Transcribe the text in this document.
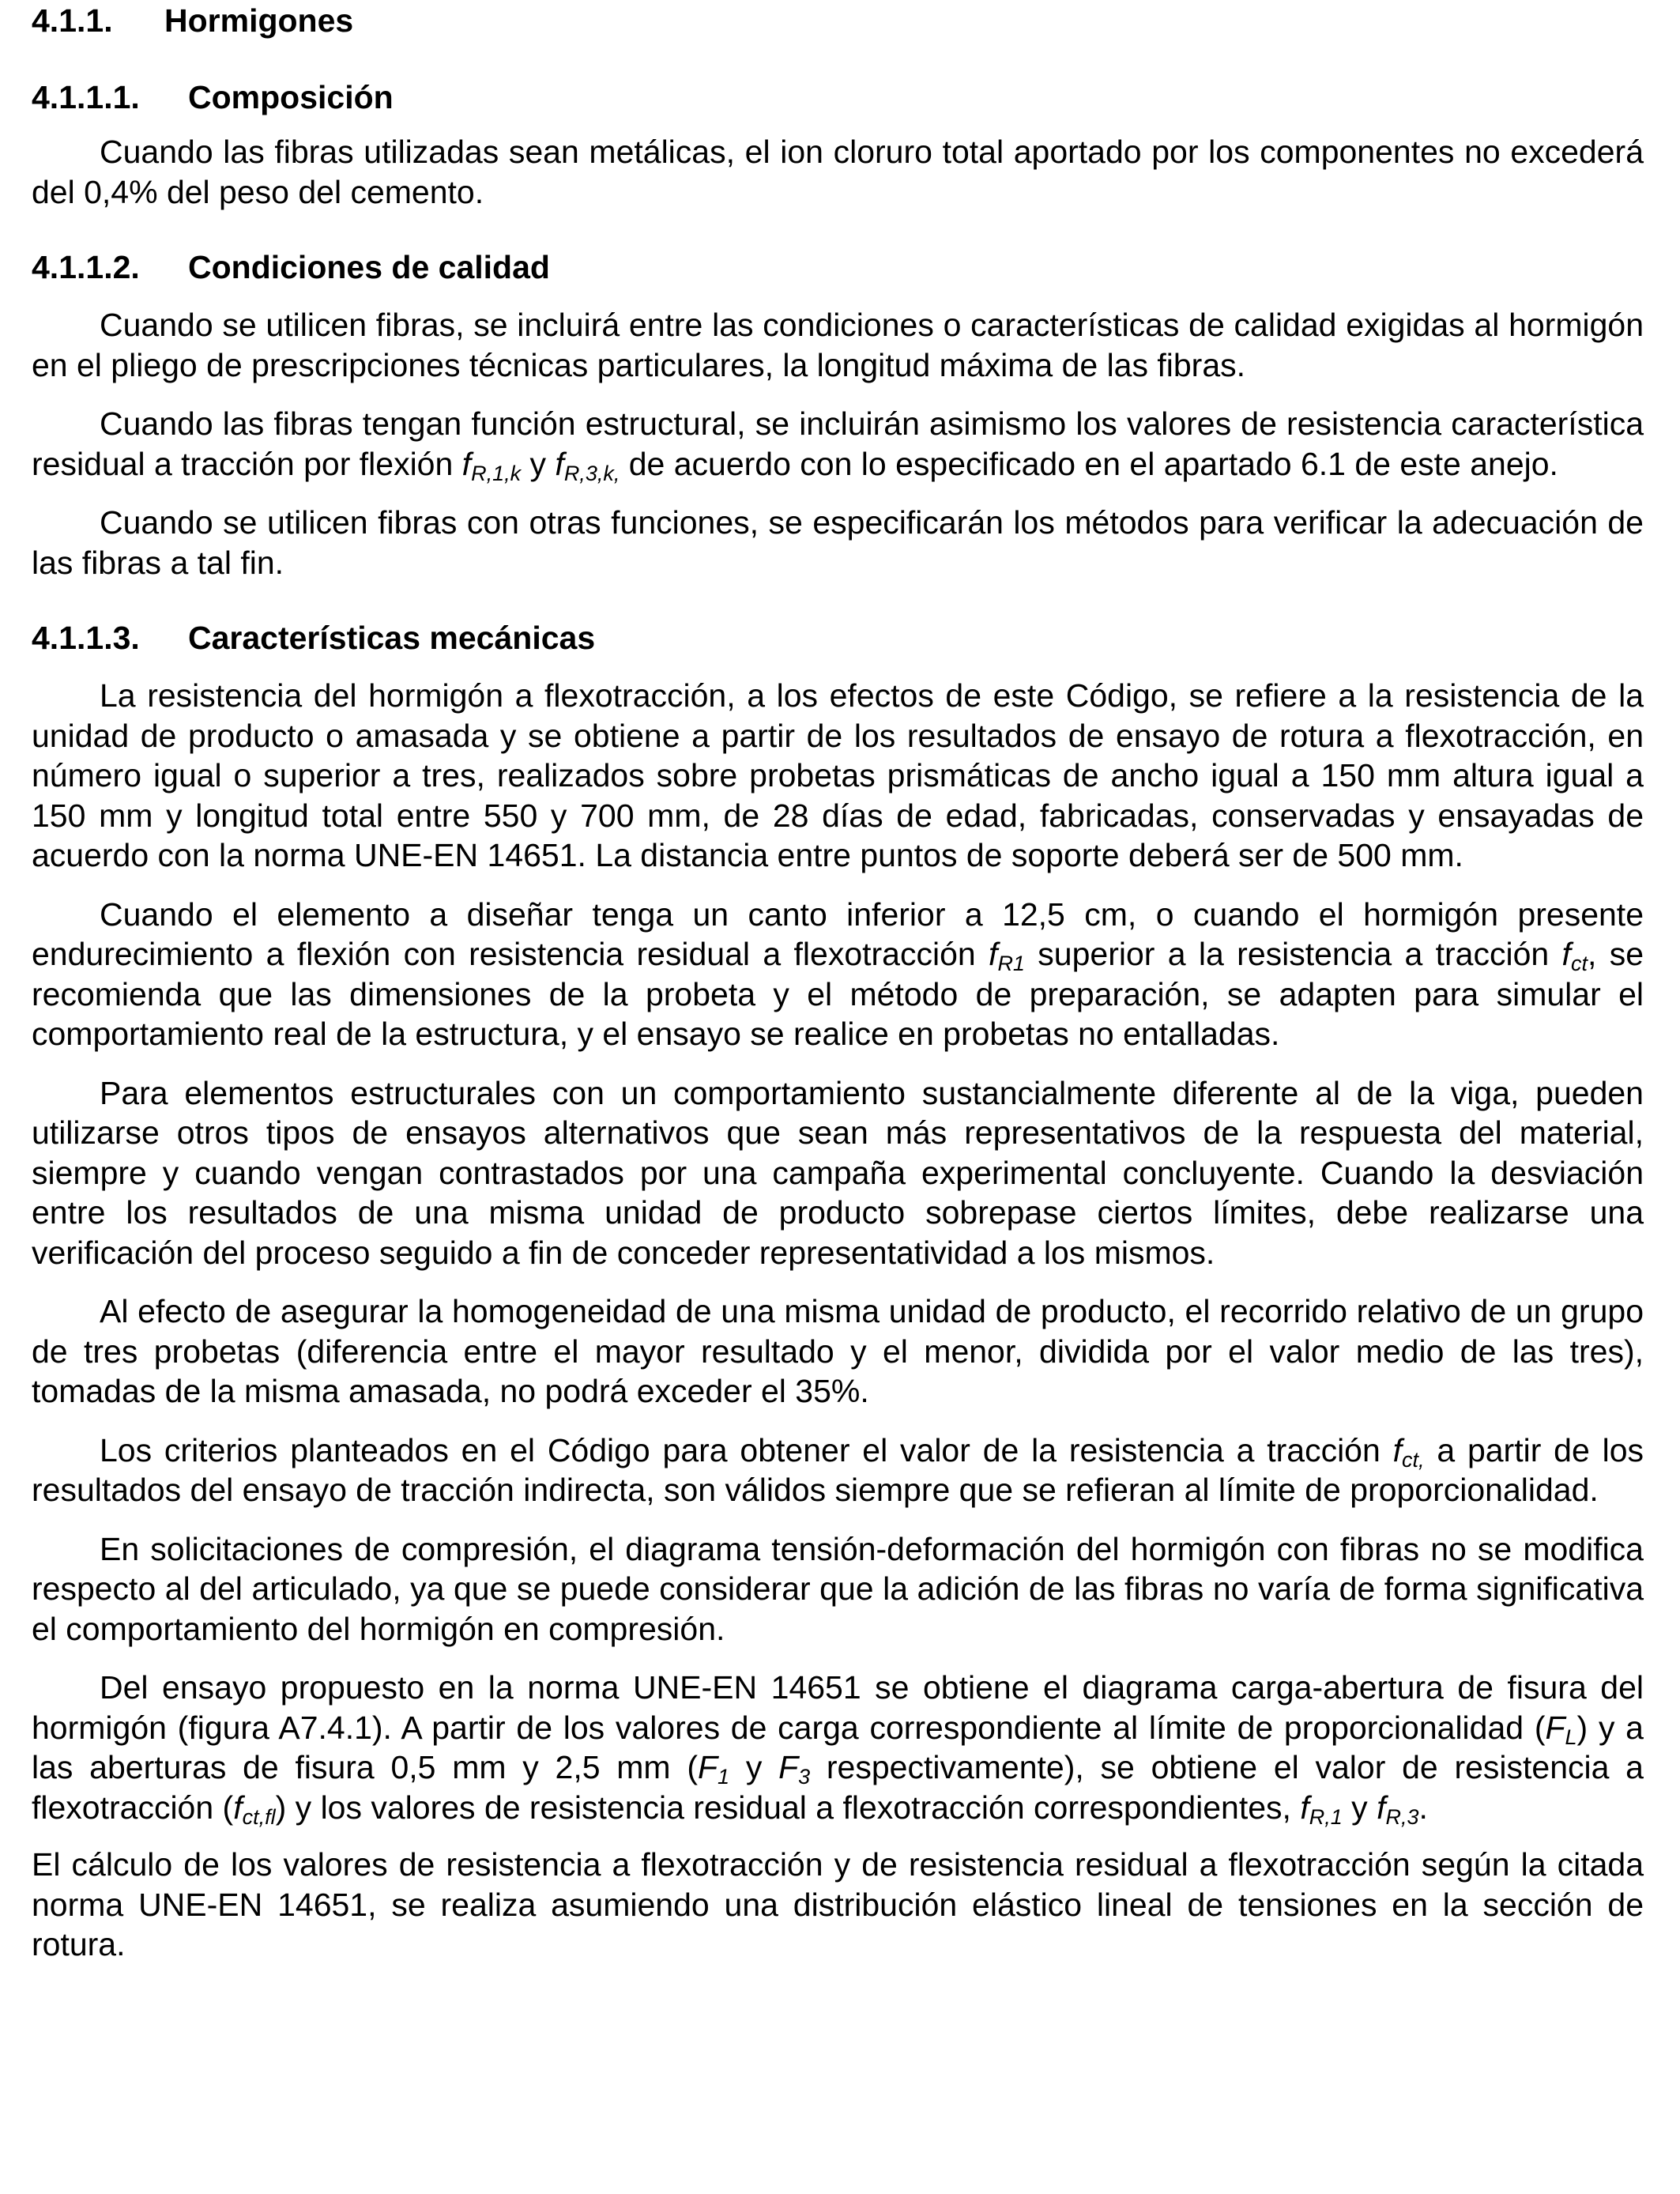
4.1.1. Hormigones
4.1.1.1. Composición

Cuando las fibras utilizadas sean metálicas, el ion cloruro total aportado por los componentes no excederá del 0,4% del peso del cemento.

4.1.1.2. Condiciones de calidad

Cuando se utilicen fibras, se incluirá entre las condiciones o características de calidad exigidas al hormigón en el pliego de prescripciones técnicas particulares, la longitud máxima de las fibras.

Cuando las fibras tengan función estructural, se incluirán asimismo los valores de resistencia característica residual a tracción por flexión $f_{R,1,k}$ y $f_{R,3,k,}$ de acuerdo con lo especificado en el apartado 6.1 de este anejo.

Cuando se utilicen fibras con otras funciones, se especificarán los métodos para verificar la adecuación de las fibras a tal fin.

4.1.1.3. Características mecánicas

La resistencia del hormigón a flexotracción, a los efectos de este Código, se refiere a la resistencia de la unidad de producto o amasada y se obtiene a partir de los resultados de ensayo de rotura a flexotracción, en número igual o superior a tres, realizados sobre probetas prismáticas de ancho igual a 150 mm altura igual a 150 mm y longitud total entre 550 y 700 mm, de 28 días de edad, fabricadas, conservadas y ensayadas de acuerdo con la norma UNE-EN 14651. La distancia entre puntos de soporte deberá ser de 500 mm.

Cuando el elemento a diseñar tenga un canto inferior a 12,5 cm, o cuando el hormigón presente endurecimiento a flexión con resistencia residual a flexotracción $f_{R1}$ superior a la resistencia a tracción $f_{ct}$, se recomienda que las dimensiones de la probeta y el método de preparación, se adapten para simular el comportamiento real de la estructura, y el ensayo se realice en probetas no entalladas.

Para elementos estructurales con un comportamiento sustancialmente diferente al de la viga, pueden utilizarse otros tipos de ensayos alternativos que sean más representativos de la respuesta del material, siempre y cuando vengan contrastados por una campaña experimental concluyente. Cuando la desviación entre los resultados de una misma unidad de producto sobrepase ciertos límites, debe realizarse una verificación del proceso seguido a fin de conceder representatividad a los mismos.

Al efecto de asegurar la homogeneidad de una misma unidad de producto, el recorrido relativo de un grupo de tres probetas (diferencia entre el mayor resultado y el menor, dividida por el valor medio de las tres), tomadas de la misma amasada, no podrá exceder el 35%.

Los criterios planteados en el Código para obtener el valor de la resistencia a tracción $f_{ct,}$ a partir de los resultados del ensayo de tracción indirecta, son válidos siempre que se refieran al límite de proporcionalidad.

En solicitaciones de compresión, el diagrama tensión-deformación del hormigón con fibras no se modifica respecto al del articulado, ya que se puede considerar que la adición de las fibras no varía de forma significativa el comportamiento del hormigón en compresión.

Del ensayo propuesto en la norma UNE-EN 14651 se obtiene el diagrama carga-abertura de fisura del hormigón (figura A7.4.1). A partir de los valores de carga correspondiente al límite de proporcionalidad $(F_L)$ y a las aberturas de fisura 0,5 mm y 2,5 mm ($F_1$ y $F_3$ respectivamente), se obtiene el valor de resistencia a flexotracción $(f_{ct,fl})$ y los valores de resistencia residual a flexotracción correspondientes, $f_{R,1}$ y $f_{R,3}$.

El cálculo de los valores de resistencia a flexotracción y de resistencia residual a flexotracción según la citada norma UNE-EN 14651, se realiza asumiendo una distribución elástico lineal de tensiones en la sección de rotura.
